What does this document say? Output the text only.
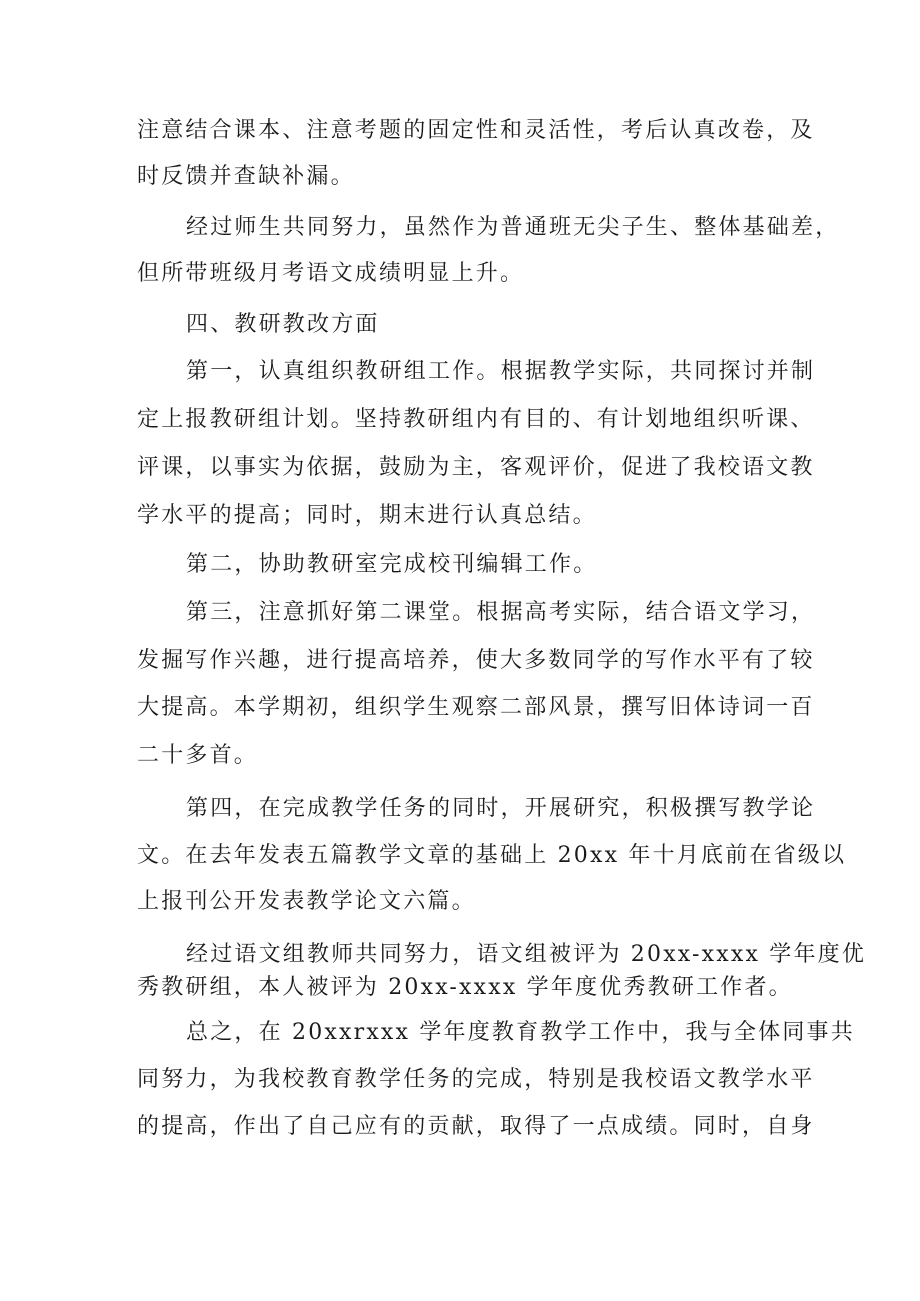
注意结合课本、注意考题的固定性和灵活性，考后认真改卷，及
时反馈并查缺补漏。
经过师生共同努力，虽然作为普通班无尖子生、整体基础差，
但所带班级月考语文成绩明显上升。
四、教研教改方面
第一，认真组织教研组工作。根据教学实际，共同探讨并制
定上报教研组计划。坚持教研组内有目的、有计划地组织听课、
评课，以事实为依据，鼓励为主，客观评价，促进了我校语文教
学水平的提高；同时，期末进行认真总结。
第二，协助教研室完成校刊编辑工作。
第三，注意抓好第二课堂。根据高考实际，结合语文学习，
发掘写作兴趣，进行提高培养，使大多数同学的写作水平有了较
大提高。本学期初，组织学生观察二部风景，撰写旧体诗词一百
二十多首。
第四，在完成教学任务的同时，开展研究，积极撰写教学论
文。在去年发表五篇教学文章的基础上 20xx 年十月底前在省级以
上报刊公开发表教学论文六篇。
经过语文组教师共同努力，语文组被评为 20xx-xxxx 学年度优
秀教研组，本人被评为 20xx-xxxx 学年度优秀教研工作者。
总之，在 20xxrxxx 学年度教育教学工作中，我与全体同事共
同努力，为我校教育教学任务的完成，特别是我校语文教学水平
的提高，作出了自己应有的贡献，取得了一点成绩。同时，自身
